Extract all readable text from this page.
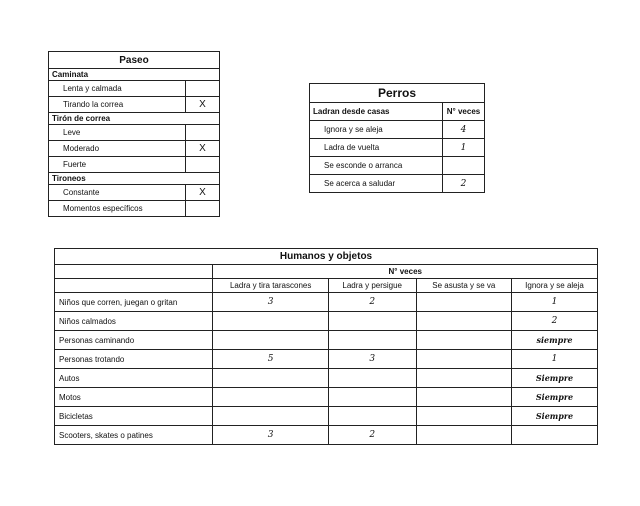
Paseo	
Caminata	
Lenta y calmada	
Tirando la correa	X
Tirón de correa	
Leve	
Moderado	X
Fuerte	
Tironeos	
Constante	X
Momentos específicos	
Perros	
Ladran desde casas	N° veces
Ignora y se aleja	4
Ladra de vuelta	1
Se esconde o arranca	
Se acerca a saludar	2
Humanos y objetos				
	N° veces			
	Ladra y tira tarascones	Ladra y persigue	Se asusta y se va	Ignora y se aleja
Niños que corren, juegan o gritan	3	2		1
Niños calmados				2
Personas caminando				siempre
Personas trotando	5	3		1
Autos				Siempre
Motos				Siempre
Bicicletas				Siempre
Scooters, skates o patines	3	2		
